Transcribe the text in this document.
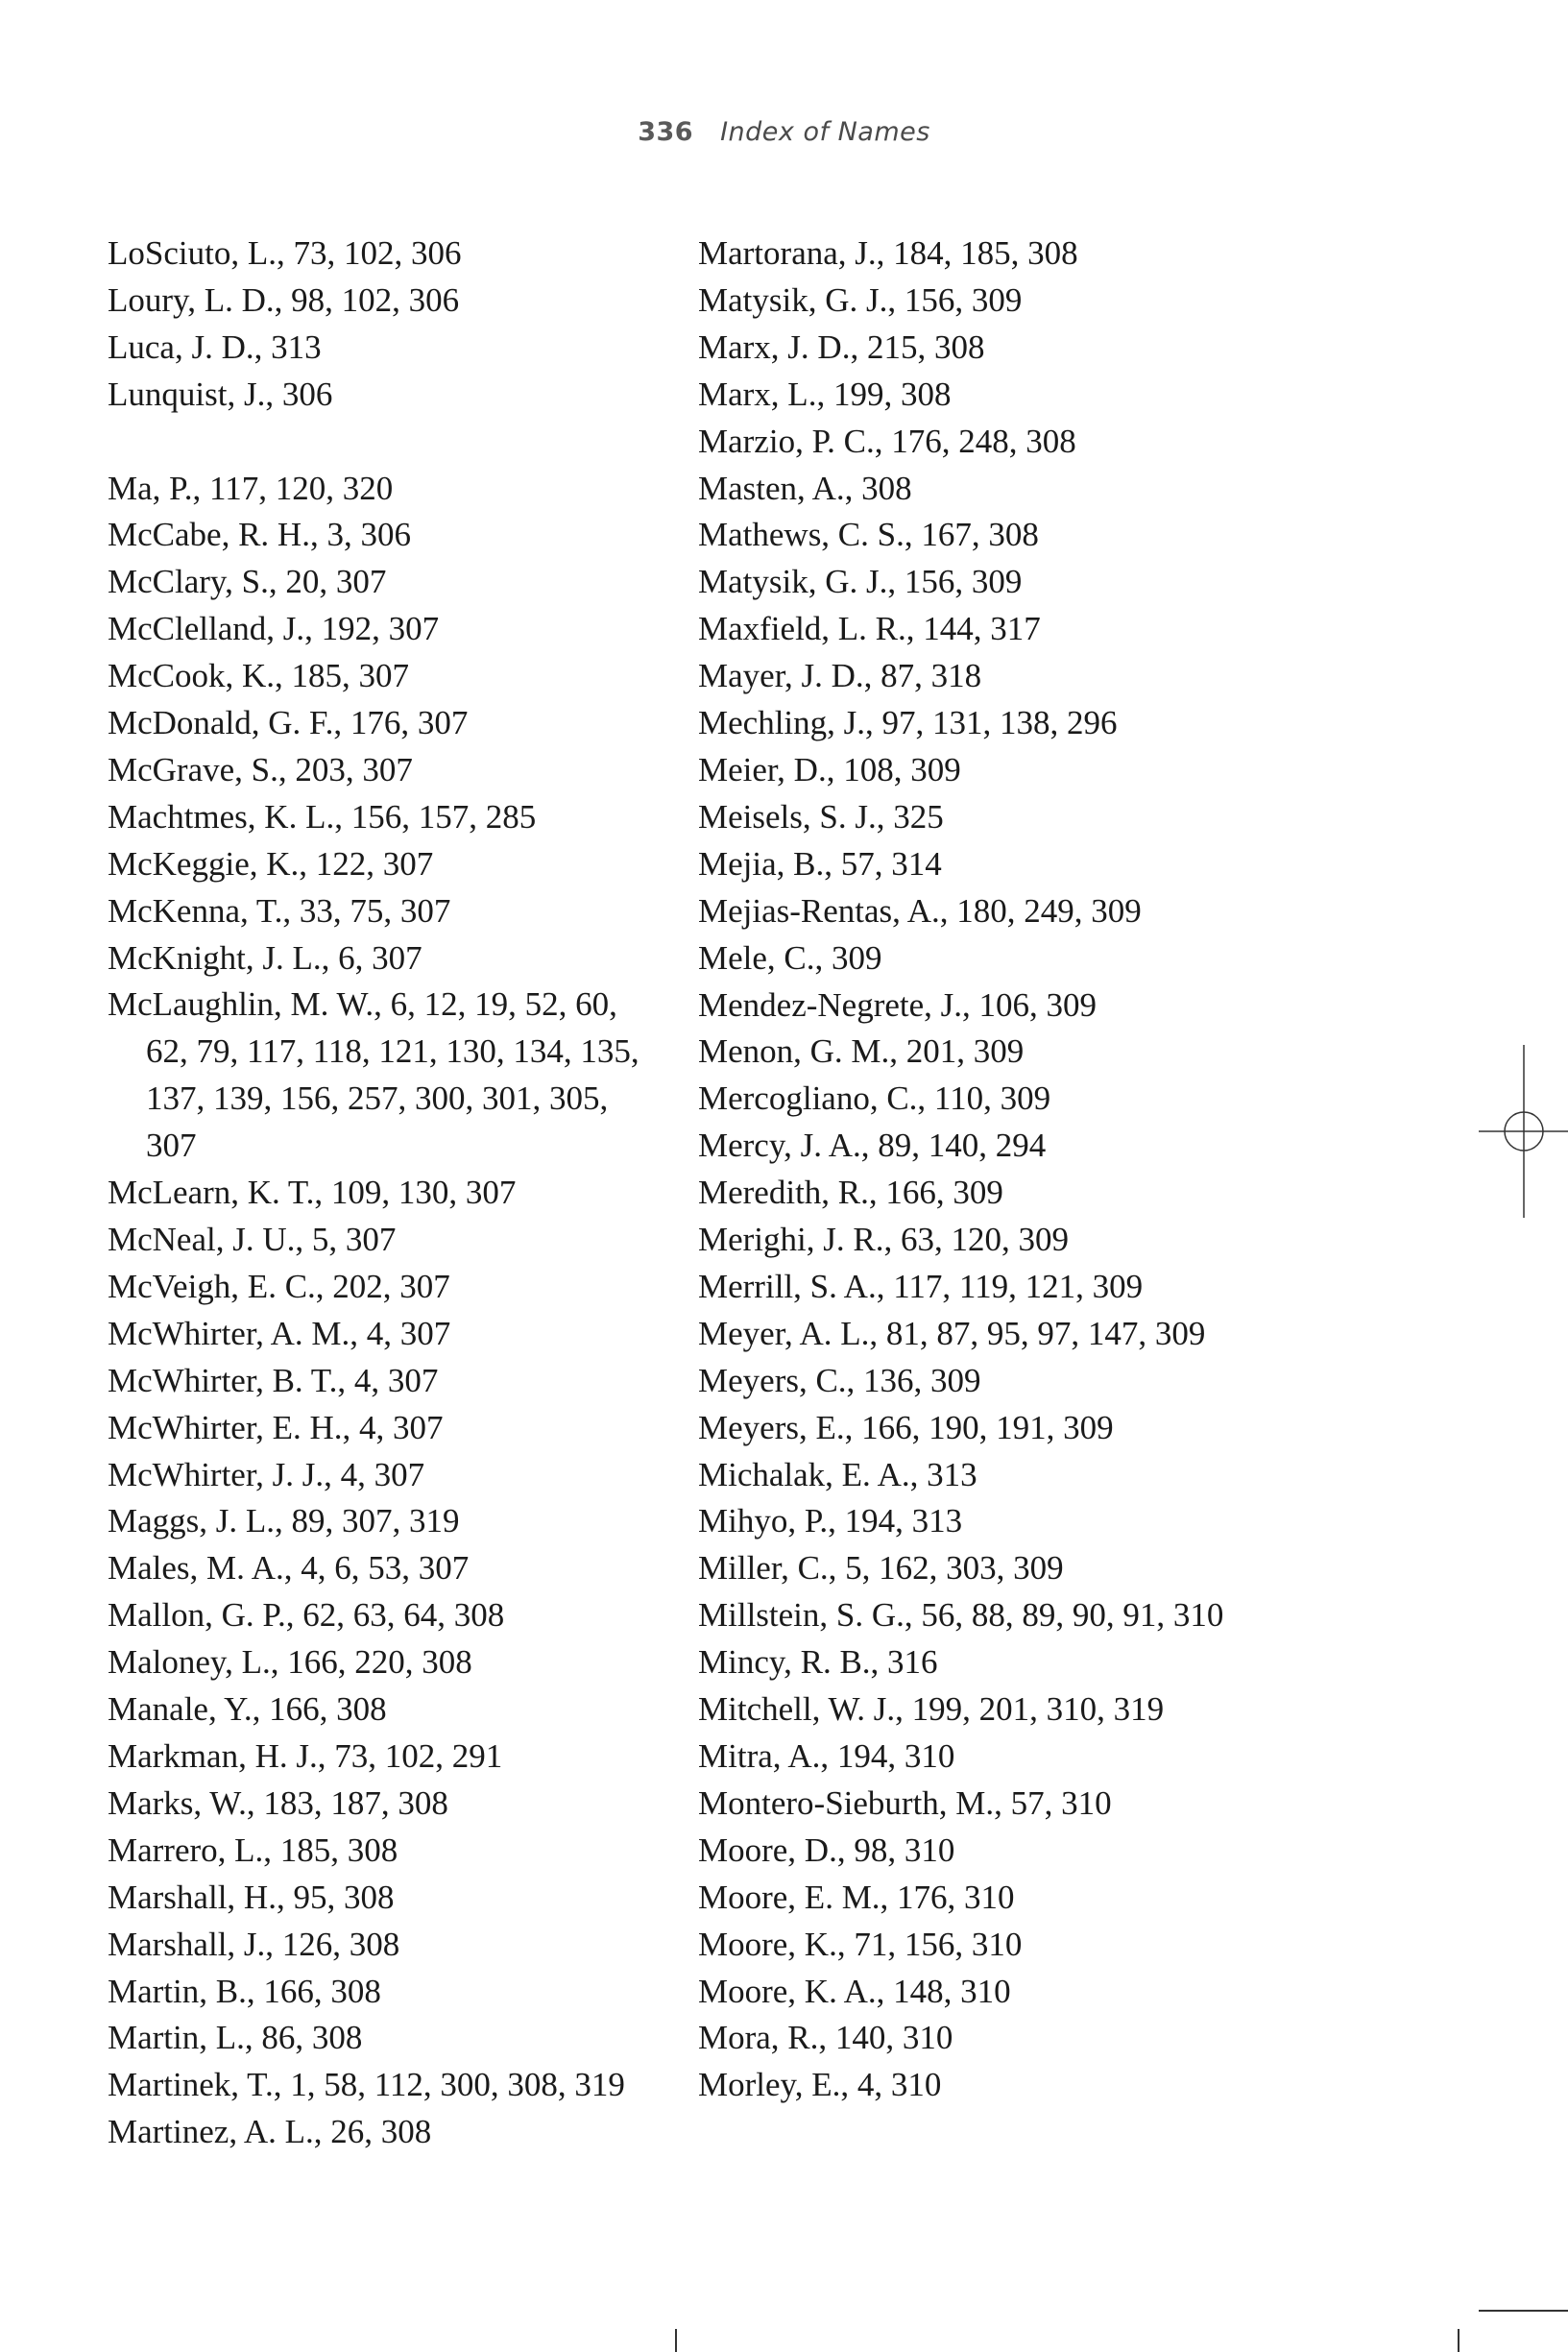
336 Index of Names
LoSciuto, L., 73, 102, 306
Loury, L. D., 98, 102, 306
Luca, J. D., 313
Lunquist, J., 306
Ma, P., 117, 120, 320
McCabe, R. H., 3, 306
McClary, S., 20, 307
McClelland, J., 192, 307
McCook, K., 185, 307
McDonald, G. F., 176, 307
McGrave, S., 203, 307
Machtmes, K. L., 156, 157, 285
McKeggie, K., 122, 307
McKenna, T., 33, 75, 307
McKnight, J. L., 6, 307
McLaughlin, M. W., 6, 12, 19, 52, 60, 62, 79, 117, 118, 121, 130, 134, 135, 137, 139, 156, 257, 300, 301, 305, 307
McLearn, K. T., 109, 130, 307
McNeal, J. U., 5, 307
McVeigh, E. C., 202, 307
McWhirter, A. M., 4, 307
McWhirter, B. T., 4, 307
McWhirter, E. H., 4, 307
McWhirter, J. J., 4, 307
Maggs, J. L., 89, 307, 319
Males, M. A., 4, 6, 53, 307
Mallon, G. P., 62, 63, 64, 308
Maloney, L., 166, 220, 308
Manale, Y., 166, 308
Markman, H. J., 73, 102, 291
Marks, W., 183, 187, 308
Marrero, L., 185, 308
Marshall, H., 95, 308
Marshall, J., 126, 308
Martin, B., 166, 308
Martin, L., 86, 308
Martinek, T., 1, 58, 112, 300, 308, 319
Martinez, A. L., 26, 308
Martorana, J., 184, 185, 308
Matysik, G. J., 156, 309
Marx, J. D., 215, 308
Marx, L., 199, 308
Marzio, P. C., 176, 248, 308
Masten, A., 308
Mathews, C. S., 167, 308
Matysik, G. J., 156, 309
Maxfield, L. R., 144, 317
Mayer, J. D., 87, 318
Mechling, J., 97, 131, 138, 296
Meier, D., 108, 309
Meisels, S. J., 325
Mejia, B., 57, 314
Mejias-Rentas, A., 180, 249, 309
Mele, C., 309
Mendez-Negrete, J., 106, 309
Menon, G. M., 201, 309
Mercogliano, C., 110, 309
Mercy, J. A., 89, 140, 294
Meredith, R., 166, 309
Merighi, J. R., 63, 120, 309
Merrill, S. A., 117, 119, 121, 309
Meyer, A. L., 81, 87, 95, 97, 147, 309
Meyers, C., 136, 309
Meyers, E., 166, 190, 191, 309
Michalak, E. A., 313
Mihyo, P., 194, 313
Miller, C., 5, 162, 303, 309
Millstein, S. G., 56, 88, 89, 90, 91, 310
Mincy, R. B., 316
Mitchell, W. J., 199, 201, 310, 319
Mitra, A., 194, 310
Montero-Sieburth, M., 57, 310
Moore, D., 98, 310
Moore, E. M., 176, 310
Moore, K., 71, 156, 310
Moore, K. A., 148, 310
Mora, R., 140, 310
Morley, E., 4, 310
